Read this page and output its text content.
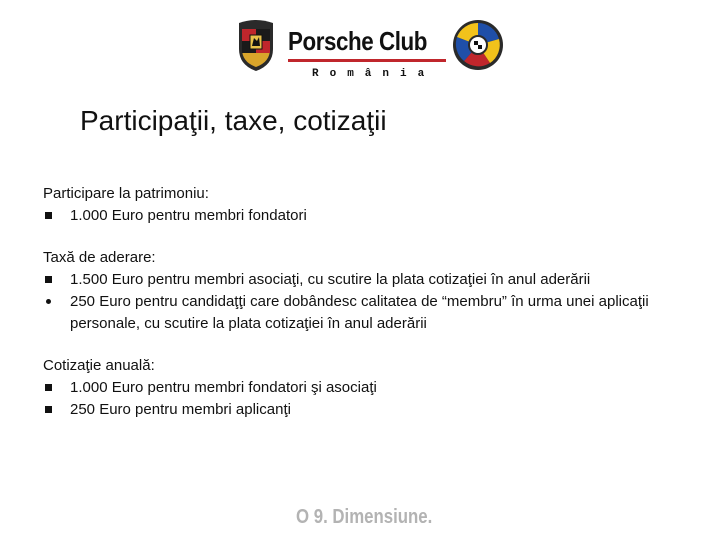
Porsche Club
România
Participaţii, taxe, cotizaţii

Participare la patrimoniu:

1.000 Euro pentru membri fondatori

Taxă de aderare:

1.500 Euro pentru membri asociaţi, cu scutire la plata cotizaţiei în anul aderării
250 Euro pentru candidaţţi care dobândesc calitatea de “membru” în urma unei aplicaţii personale, cu scutire la plata cotizaţiei în anul aderării

Cotizaţie anuală:

1.000 Euro pentru membri fondatori şi asociaţi
250 Euro pentru membri aplicanţi
O 9. Dimensiune.
